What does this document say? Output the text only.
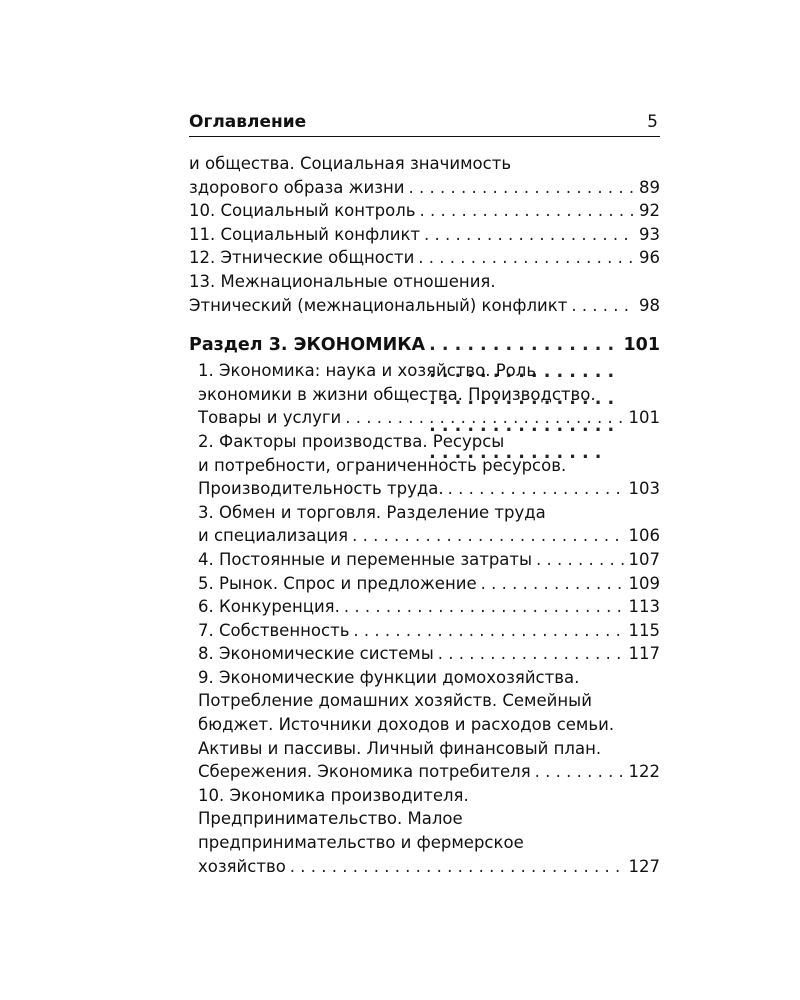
Оглавление	5
и общества. Социальная значимость
здорового образа жизни . . .	89
10. Социальный контроль . . .	92
11. Социальный конфликт . . .	93
12. Этнические общности . . .	96
13. Межнациональные отношения.
Этнический (межнациональный) конфликт . . .	98
Раздел 3. ЭКОНОМИКА . . .	101
1. Экономика: наука и хозяйство. Роль
экономики в жизни общества. Производство.
Товары и услуги . . .	101
2. Факторы производства. Ресурсы
и потребности, ограниченность ресурсов.
Производительность труда. . . .	103
3. Обмен и торговля. Разделение труда
и специализация . . .	106
4. Постоянные и переменные затраты . . .	107
5. Рынок. Спрос и предложение . . .	109
6. Конкуренция. . . .	113
7. Собственность . . .	115
8. Экономические системы . . .	117
9. Экономические функции домохозяйства.
Потребление домашних хозяйств. Семейный
бюджет. Источники доходов и расходов семьи.
Активы и пассивы. Личный финансовый план.
Сбережения. Экономика потребителя . . .	122
10. Экономика производителя.
Предпринимательство. Малое
предпринимательство и фермерское
хозяйство . . .	127
